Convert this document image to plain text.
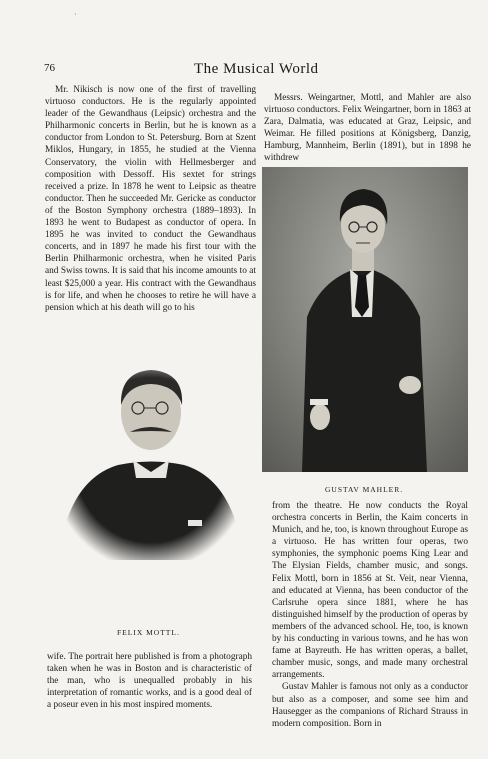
·
76	The Musical World

Mr. Nikisch is now one of the first of travelling virtuoso conductors. He is the regularly appointed leader of the Gewandhaus (Leipsic) orchestra and the Philharmonic concerts in Berlin, but he is known as a conductor from London to St. Petersburg. Born at Szent Miklos, Hungary, in 1855, he studied at the Vienna Conservatory, the violin with Hellmesberger and composition with Dessoff. His sextet for strings received a prize. In 1878 he went to Leipsic as theatre conductor. Then he succeeded Mr. Gericke as conductor of the Boston Symphony orchestra (1889–1893). In 1893 he went to Budapest as conductor of opera. In 1895 he was invited to conduct the Gewandhaus concerts, and in 1897 he made his first tour with the Berlin Philharmonic orchestra, when he visited Paris and Swiss towns. It is said that his income amounts to at least $25,000 a year. His contract with the Gewandhaus is for life, and when he chooses to retire he will have a pension which at his death will go to his

Messrs. Weingartner, Mottl, and Mahler are also virtuoso conductors. Felix Weingartner, born in 1863 at Zara, Dalmatia, was educated at Graz, Leipsic, and Weimar. He filled positions at Königsberg, Danzig, Hamburg, Mannheim, Berlin (1891), but in 1898 he withdrew

GUSTAV MAHLER.
FELIX MOTTL.

from the theatre. He now conducts the Royal orchestra concerts in Berlin, the Kaim concerts in Munich, and he, too, is known throughout Europe as a virtuoso. He has written four operas, two symphonies, the symphonic poems King Lear and The Elysian Fields, chamber music, and songs. Felix Mottl, born in 1856 at St. Veit, near Vienna, and educated at Vienna, has been conductor of the Carlsruhe opera since 1881, where he has distinguished himself by the production of operas by members of the advanced school. He, too, is known by his conducting in various towns, and he has won fame at Bayreuth. He has written operas, a ballet, chamber music, songs, and made many orchestral arrangements.

Gustav Mahler is famous not only as a conductor but also as a composer, and some see him and Hausegger as the companions of Richard Strauss in modern composition. Born in

wife. The portrait here published is from a photograph taken when he was in Boston and is characteristic of the man, who is unequalled probably in his interpretation of romantic works, and is a good deal of a poseur even in his most inspired moments.
